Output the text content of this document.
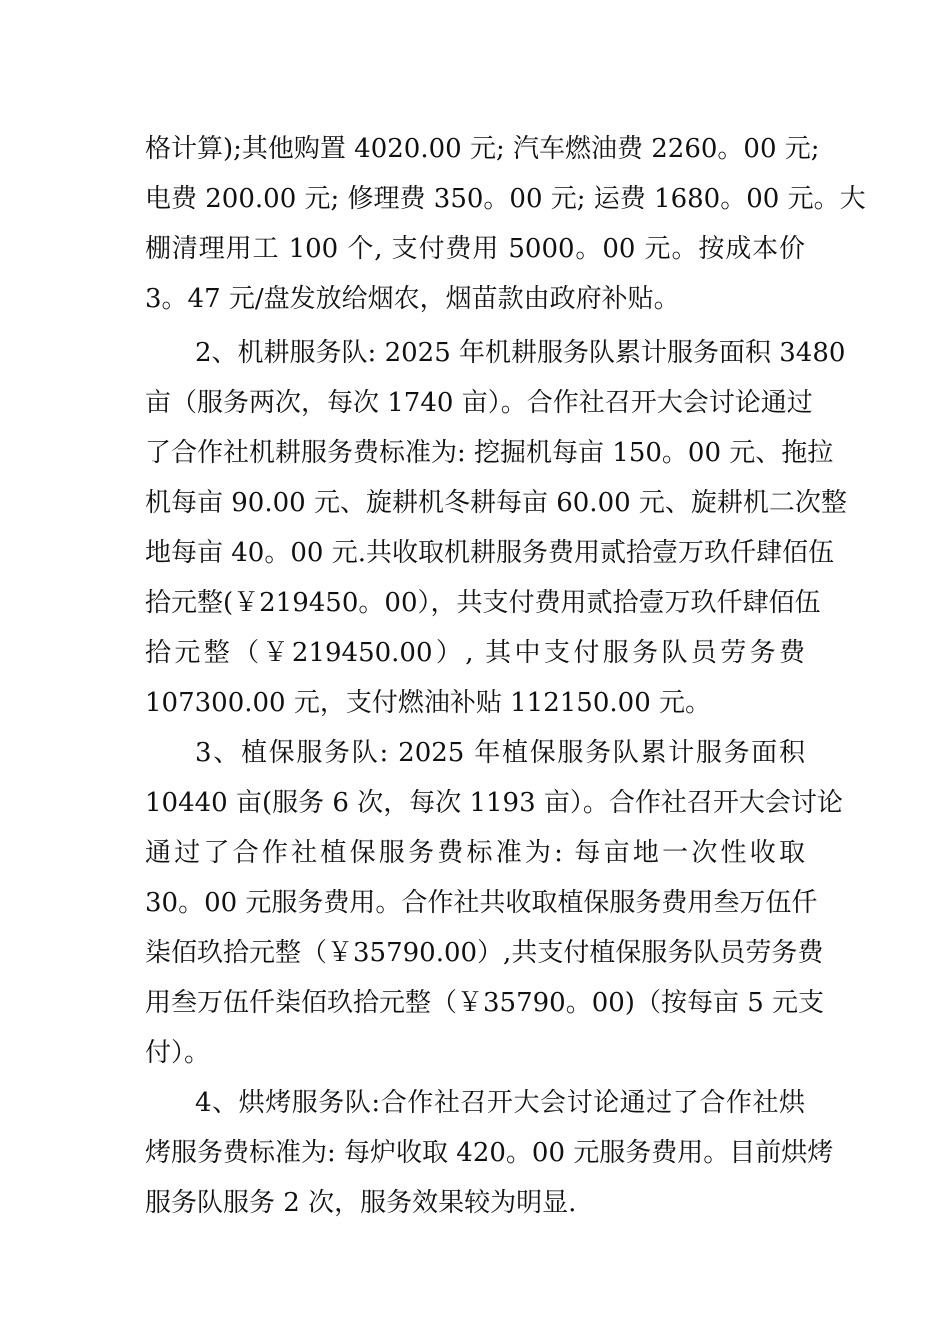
格计算);其他购置 4020.00 元; 汽车燃油费 2260。00 元;
电费 200.00 元; 修理费 350。00 元; 运费 1680。00 元。大
棚清理用工 100 个, 支付费用 5000。00 元。按成本价
3。47 元/盘发放给烟农，烟苗款由政府补贴。
2、机耕服务队: 2025 年机耕服务队累计服务面积 3480
亩（服务两次，每次 1740 亩）。合作社召开大会讨论通过
了合作社机耕服务费标准为: 挖掘机每亩 150。00 元、拖拉
机每亩 90.00 元、旋耕机冬耕每亩 60.00 元、旋耕机二次整
地每亩 40。00 元.共收取机耕服务费用贰拾壹万玖仟肆佰伍
拾元整(￥219450。00），共支付费用贰拾壹万玖仟肆佰伍
拾元整（￥219450.00）, 其中支付服务队员劳务费
107300.00 元，支付燃油补贴 112150.00 元。
3、植保服务队: 2025 年植保服务队累计服务面积
10440 亩(服务 6 次，每次 1193 亩）。合作社召开大会讨论
通过了合作社植保服务费标准为: 每亩地一次性收取
30。00 元服务费用。合作社共收取植保服务费用叁万伍仟
柒佰玖拾元整（￥35790.00）,共支付植保服务队员劳务费
用叁万伍仟柒佰玖拾元整（￥35790。00)（按每亩 5 元支
付）。
4、烘烤服务队:合作社召开大会讨论通过了合作社烘
烤服务费标准为: 每炉收取 420。00 元服务费用。目前烘烤
服务队服务 2 次，服务效果较为明显.
